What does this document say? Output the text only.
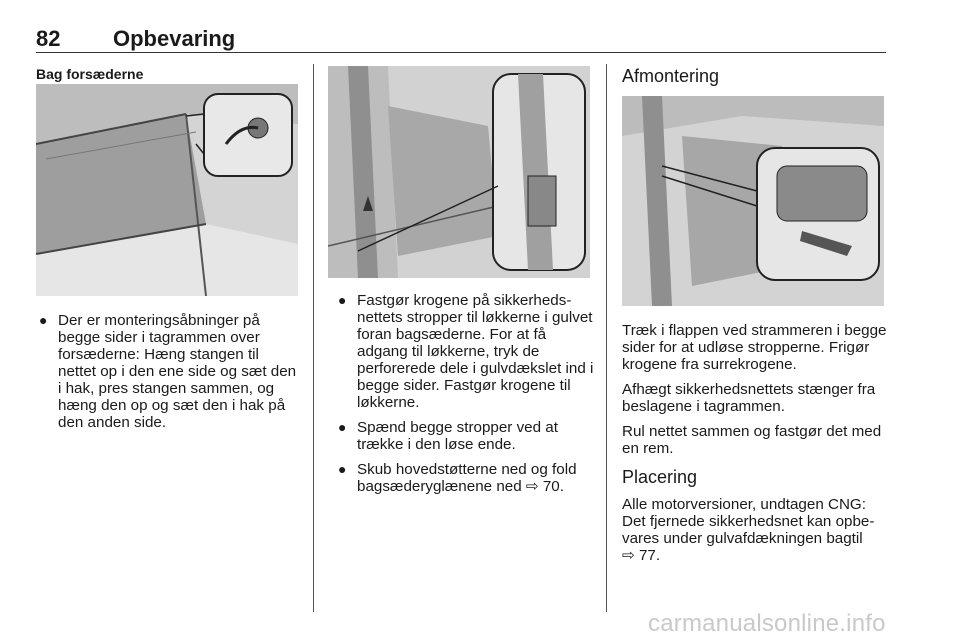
82 Opbevaring
Bag forsæderne
● Der er monteringsåbninger på begge sider i tagrammen over forsæderne: Hæng stangen til nettet op i den ene side og sæt den i hak, pres stangen sammen, og hæng den op og sæt den i hak på den anden side.
● Fastgør krogene på sikkerheds-nettets stropper til løkkerne i gulvet foran bagsæderne. For at få adgang til løkkerne, tryk de perforerede dele i gulvdækslet ind i begge sider. Fastgør krogene til løkkerne.
● Spænd begge stropper ved at trække i den løse ende.
● Skub hovedstøtterne ned og fold bagsæderyglænene ned ⇨ 70.
Afmontering

Træk i flappen ved strammeren i begge sider for at udløse stropperne. Frigør krogene fra surrekrogene.

Afhægt sikkerhedsnettets stænger fra beslagene i tagrammen.

Rul nettet sammen og fastgør det med en rem.

Placering

Alle motorversioner, undtagen CNG: Det fjernede sikkerhedsnet kan opbe-vares under gulvafdækningen bagtil
⇨ 77.

carmanualsonline.info
